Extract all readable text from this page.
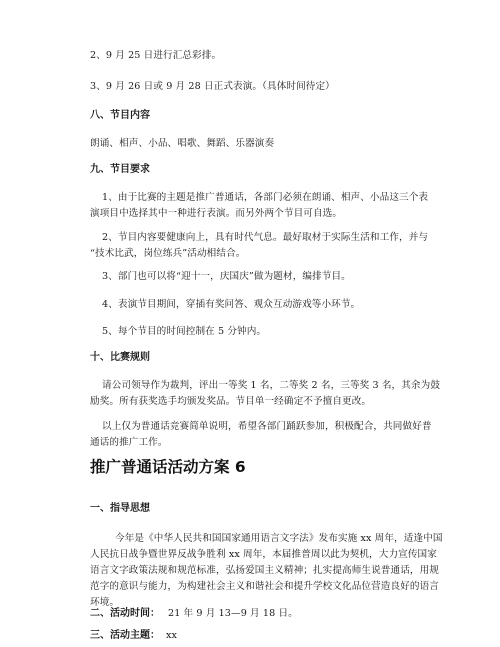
2、9 月 25 日进行汇总彩排。
3、9 月 26 日或 9 月 28 日正式表演。（具体时间待定）
八、节目内容
朗诵、相声、小品、唱歌、舞蹈、乐器演奏
九、节目要求
1、由于比赛的主题是推广普通话，各部门必须在朗诵、相声、小品这三个表
演项目中选择其中一种进行表演。而另外两个节目可自选。
2、节目内容要健康向上，具有时代气息。最好取材于实际生活和工作，并与
“技术比武，岗位练兵”活动相结合。
3、部门也可以将“迎十一，庆国庆”做为题材，编排节目。
4、表演节目期间，穿插有奖问答、观众互动游戏等小环节。
5、每个节目的时间控制在 5 分钟内。
十、比赛规则
请公司领导作为裁判，评出一等奖 1 名，二等奖 2 名，三等奖 3 名，其余为鼓
励奖。所有获奖选手均颁发奖品。节目单一经确定不予擅自更改。
以上仅为普通话竞赛简单说明，希望各部门踊跃参加，积极配合，共同做好普
通话的推广工作。
推广普通话活动方案 6
一、指导思想
今年是《中华人民共和国国家通用语言文字法》发布实施 xx 周年，适逢中国
人民抗日战争暨世界反战争胜利 xx 周年，本届推普周以此为契机，大力宣传国家
语言文字政策法规和规范标准，弘扬爱国主义精神；扎实提高师生说普通话，用规
范字的意识与能力，为构建社会主义和谐社会和提升学校文化品位营造良好的语言
环境。
二、活动时间： 21 年 9 月 13—9 月 18 日。
三、活动主题： xx
